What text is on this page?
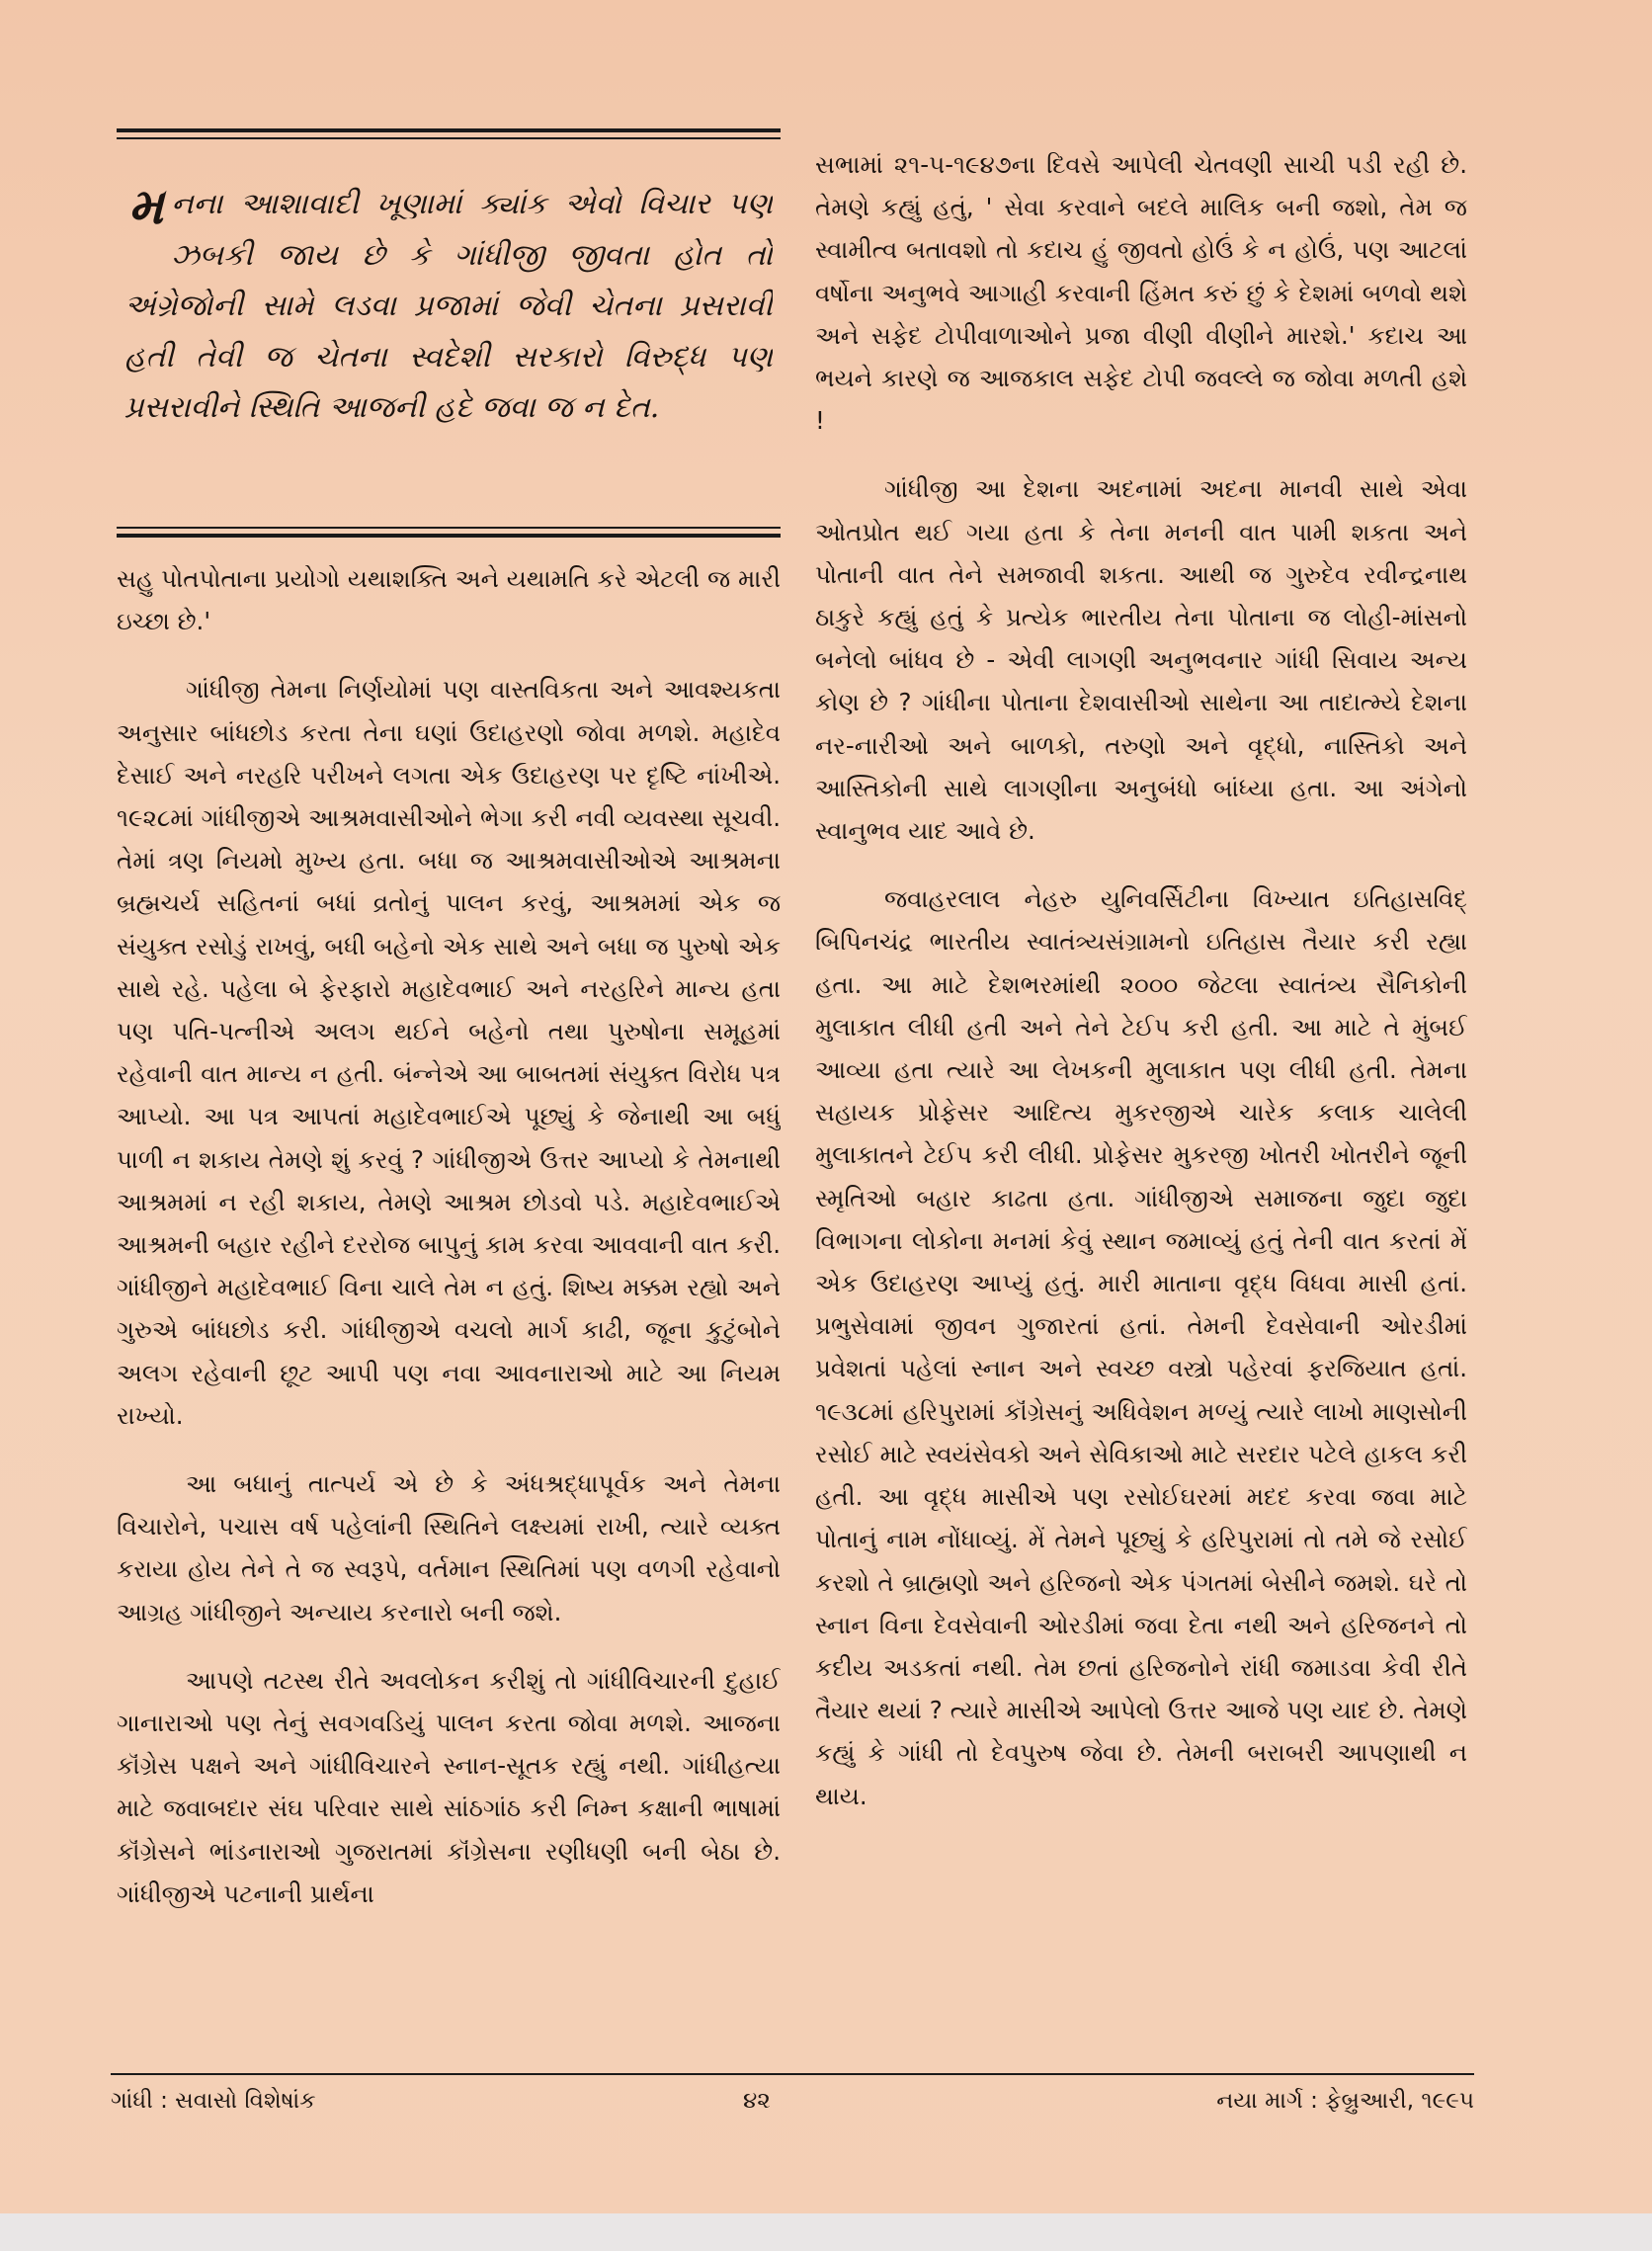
મ નના આશાવાદી ખૂણામાં ક્યાંક એવો વિચાર પણ ઝબકી જાય છે કે ગાંધીજી જીવતા હોત તો અંગ્રેજોની સામે લડવા પ્રજામાં જેવી ચેતના પ્રસરાવી હતી તેવી જ ચેતના સ્વદેશી સરકારો વિરુદ્ધ પણ પ્રસરાવીને સ્થિતિ આજની હદે જવા જ ન દેત.

સહુ પોતપોતાના પ્રયોગો યથાશક્તિ અને યથામતિ કરે એટલી જ મારી ઇચ્છા છે.'

ગાંધીજી તેમના નિર્ણયોમાં પણ વાસ્તવિકતા અને આવશ્યકતા અનુસાર બાંધછોડ કરતા તેના ઘણાં ઉદાહરણો જોવા મળશે. મહાદેવ દેસાઈ અને નરહરિ પરીખને લગતા એક ઉદાહરણ પર દૃષ્ટિ નાંખીએ. ૧૯૨૮માં ગાંધીજીએ આશ્રમવાસીઓને ભેગા કરી નવી વ્યવસ્થા સૂચવી. તેમાં ત્રણ નિયમો મુખ્ય હતા. બધા જ આશ્રમવાસીઓએ આશ્રમના બ્રહ્મચર્ય સહિતનાં બધાં વ્રતોનું પાલન કરવું, આશ્રમમાં એક જ સંયુક્ત રસોડું રાખવું, બધી બહેનો એક સાથે અને બધા જ પુરુષો એક સાથે રહે. પહેલા બે ફેરફારો મહાદેવભાઈ અને નરહરિને માન્ય હતા પણ પતિ-પત્નીએ અલગ થઈને બહેનો તથા પુરુષોના સમૂહમાં રહેવાની વાત માન્ય ન હતી. બંન્નેએ આ બાબતમાં સંયુક્ત વિરોધ પત્ર આપ્યો. આ પત્ર આપતાં મહાદેવભાઈએ પૂછ્યું કે જેનાથી આ બધું પાળી ન શકાય તેમણે શું કરવું ? ગાંધીજીએ ઉત્તર આપ્યો કે તેમનાથી આશ્રમમાં ન રહી શકાય, તેમણે આશ્રમ છોડવો પડે. મહાદેવભાઈએ આશ્રમની બહાર રહીને દરરોજ બાપુનું કામ કરવા આવવાની વાત કરી. ગાંધીજીને મહાદેવભાઈ વિના ચાલે તેમ ન હતું. શિષ્ય મક્કમ રહ્યો અને ગુરુએ બાંધછોડ કરી. ગાંધીજીએ વચલો માર્ગ કાઢી, જૂના કુટુંબોને અલગ રહેવાની છૂટ આપી પણ નવા આવનારાઓ માટે આ નિયમ રાખ્યો.

આ બધાનું તાત્પર્ય એ છે કે અંધશ્રદ્ધાપૂર્વક અને તેમના વિચારોને, પચાસ વર્ષ પહેલાંની સ્થિતિને લક્ષ્યમાં રાખી, ત્યારે વ્યક્ત કરાયા હોય તેને તે જ સ્વરૂપે, વર્તમાન સ્થિતિમાં પણ વળગી રહેવાનો આગ્રહ ગાંધીજીને અન્યાય કરનારો બની જશે.

આપણે તટસ્થ રીતે અવલોકન કરીશું તો ગાંધીવિચારની દુહાઈ ગાનારાઓ પણ તેનું સવગવડિયું પાલન કરતા જોવા મળશે. આજના કૉંગ્રેસ પક્ષને અને ગાંધીવિચારને સ્નાન-સૂતક રહ્યું નથી. ગાંધીહત્યા માટે જવાબદાર સંઘ પરિવાર સાથે સાંઠગાંઠ કરી નિમ્ન કક્ષાની ભાષામાં કૉંગ્રેસને ભાંડનારાઓ ગુજરાતમાં કૉંગ્રેસના રણીધણી બની બેઠા છે. ગાંધીજીએ પટનાની પ્રાર્થના

સભામાં ૨૧-૫-૧૯૪૭ના દિવસે આપેલી ચેતવણી સાચી પડી રહી છે. તેમણે કહ્યું હતું, ' સેવા કરવાને બદલે માલિક બની જશો, તેમ જ સ્વામીત્વ બતાવશો તો કદાચ હું જીવતો હોઉં કે ન હોઉં, પણ આટલાં વર્ષોના અનુભવે આગાહી કરવાની હિંમત કરું છું કે દેશમાં બળવો થશે અને સફેદ ટોપીવાળાઓને પ્રજા વીણી વીણીને મારશે.' કદાચ આ ભયને કારણે જ આજકાલ સફેદ ટોપી જવલ્લે જ જોવા મળતી હશે !

ગાંધીજી આ દેશના અદનામાં અદના માનવી સાથે એવા ઓતપ્રોત થઈ ગયા હતા કે તેના મનની વાત પામી શકતા અને પોતાની વાત તેને સમજાવી શકતા. આથી જ ગુરુદેવ રવીન્દ્રનાથ ઠાકુરે કહ્યું હતું કે પ્રત્યેક ભારતીય તેના પોતાના જ લોહી-માંસનો બનેલો બાંધવ છે - એવી લાગણી અનુભવનાર ગાંધી સિવાય અન્ય કોણ છે ? ગાંધીના પોતાના દેશવાસીઓ સાથેના આ તાદાત્મ્યે દેશના નર-નારીઓ અને બાળકો, તરુણો અને વૃદ્ધો, નાસ્તિકો અને આસ્તિકોની સાથે લાગણીના અનુબંધો બાંધ્યા હતા. આ અંગેનો સ્વાનુભવ યાદ આવે છે.

જવાહરલાલ નેહરુ યુનિવર્સિટીના વિખ્યાત ઇતિહાસવિદ્ બિપિનચંદ્ર ભારતીય સ્વાતંત્ર્યસંગ્રામનો ઇતિહાસ તૈયાર કરી રહ્યા હતા. આ માટે દેશભરમાંથી ૨૦૦૦ જેટલા સ્વાતંત્ર્ય સૈનિકોની મુલાકાત લીધી હતી અને તેને ટેઈપ કરી હતી. આ માટે તે મુંબઈ આવ્યા હતા ત્યારે આ લેખકની મુલાકાત પણ લીધી હતી. તેમના સહાયક પ્રોફેસર આદિત્ય મુકરજીએ ચારેક કલાક ચાલેલી મુલાકાતને ટેઈપ કરી લીધી. પ્રોફેસર મુકરજી ખોતરી ખોતરીને જૂની સ્મૃતિઓ બહાર કાઢતા હતા. ગાંધીજીએ સમાજના જુદા જુદા વિભાગના લોકોના મનમાં કેવું સ્થાન જમાવ્યું હતું તેની વાત કરતાં મેં એક ઉદાહરણ આપ્યું હતું. મારી માતાના વૃદ્ધ વિધવા માસી હતાં. પ્રભુસેવામાં જીવન ગુજારતાં હતાં. તેમની દેવસેવાની ઓરડીમાં પ્રવેશતાં પહેલાં સ્નાન અને સ્વચ્છ વસ્ત્રો પહેરવાં ફરજિયાત હતાં. ૧૯૩૮માં હરિપુરામાં કૉંગ્રેસનું અધિવેશન મળ્યું ત્યારે લાખો માણસોની રસોઈ માટે સ્વયંસેવકો અને સેવિકાઓ માટે સરદાર પટેલે હાકલ કરી હતી. આ વૃદ્ધ માસીએ પણ રસોઈઘરમાં મદદ કરવા જવા માટે પોતાનું નામ નોંધાવ્યું. મેં તેમને પૂછ્યું કે હરિપુરામાં તો તમે જે રસોઈ કરશો તે બ્રાહ્મણો અને હરિજનો એક પંગતમાં બેસીને જમશે. ઘરે તો સ્નાન વિના દેવસેવાની ઓરડીમાં જવા દેતા નથી અને હરિજનને તો કદીય અડકતાં નથી. તેમ છતાં હરિજનોને રાંધી જમાડવા કેવી રીતે તૈયાર થયાં ? ત્યારે માસીએ આપેલો ઉત્તર આજે પણ યાદ છે. તેમણે કહ્યું કે ગાંધી તો દેવપુરુષ જેવા છે. તેમની બરાબરી આપણાથી ન થાય.

ગાંધી : સવાસો વિશેષાંક	૪૨	નયા માર્ગ : ફેબ્રુઆરી, ૧૯૯૫
